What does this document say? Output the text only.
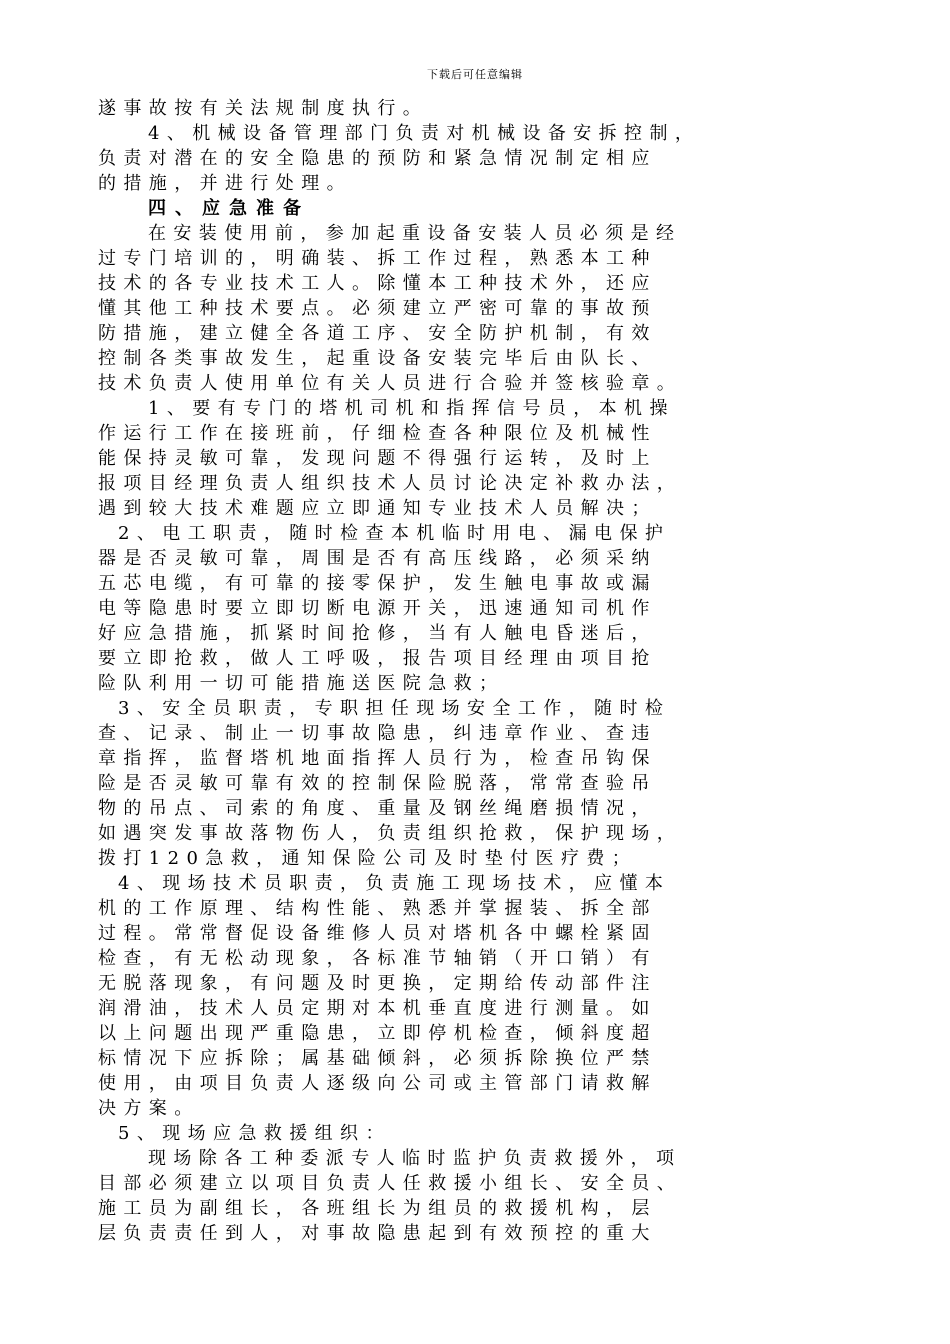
下载后可任意编辑
遂事故按有关法规制度执行。
4、机械设备管理部门负责对机械设备安拆控制，
负责对潜在的安全隐患的预防和紧急情况制定相应
的措施，并进行处理。
四、应急准备
在安装使用前，参加起重设备安装人员必须是经
过专门培训的，明确装、拆工作过程，熟悉本工种
技术的各专业技术工人。除懂本工种技术外，还应
懂其他工种技术要点。必须建立严密可靠的事故预
防措施，建立健全各道工序、安全防护机制，有效
控制各类事故发生，起重设备安装完毕后由队长、
技术负责人使用单位有关人员进行合验并签核验章。
1、要有专门的塔机司机和指挥信号员，本机操
作运行工作在接班前，仔细检查各种限位及机械性
能保持灵敏可靠，发现问题不得强行运转，及时上
报项目经理负责人组织技术人员讨论决定补救办法，
遇到较大技术难题应立即通知专业技术人员解决；
2、电工职责，随时检查本机临时用电、漏电保护
器是否灵敏可靠，周围是否有高压线路，必须采纳
五芯电缆，有可靠的接零保护，发生触电事故或漏
电等隐患时要立即切断电源开关，迅速通知司机作
好应急措施，抓紧时间抢修，当有人触电昏迷后，
要立即抢救，做人工呼吸，报告项目经理由项目抢
险队利用一切可能措施送医院急救；
3、安全员职责，专职担任现场安全工作，随时检
查、记录、制止一切事故隐患，纠违章作业、查违
章指挥，监督塔机地面指挥人员行为，检查吊钩保
险是否灵敏可靠有效的控制保险脱落，常常查验吊
物的吊点、司索的角度、重量及钢丝绳磨损情况，
如遇突发事故落物伤人，负责组织抢救，保护现场，
拨打120急救，通知保险公司及时垫付医疗费；
4、现场技术员职责，负责施工现场技术，应懂本
机的工作原理、结构性能、熟悉并掌握装、拆全部
过程。常常督促设备维修人员对塔机各中螺栓紧固
检查，有无松动现象，各标准节轴销（开口销）有
无脱落现象，有问题及时更换，定期给传动部件注
润滑油，技术人员定期对本机垂直度进行测量。如
以上问题出现严重隐患，立即停机检查，倾斜度超
标情况下应拆除；属基础倾斜，必须拆除换位严禁
使用，由项目负责人逐级向公司或主管部门请救解
决方案。
5、现场应急救援组织：
现场除各工种委派专人临时监护负责救援外，项
目部必须建立以项目负责人任救援小组长、安全员、
施工员为副组长，各班组长为组员的救援机构，层
层负责责任到人，对事故隐患起到有效预控的重大
